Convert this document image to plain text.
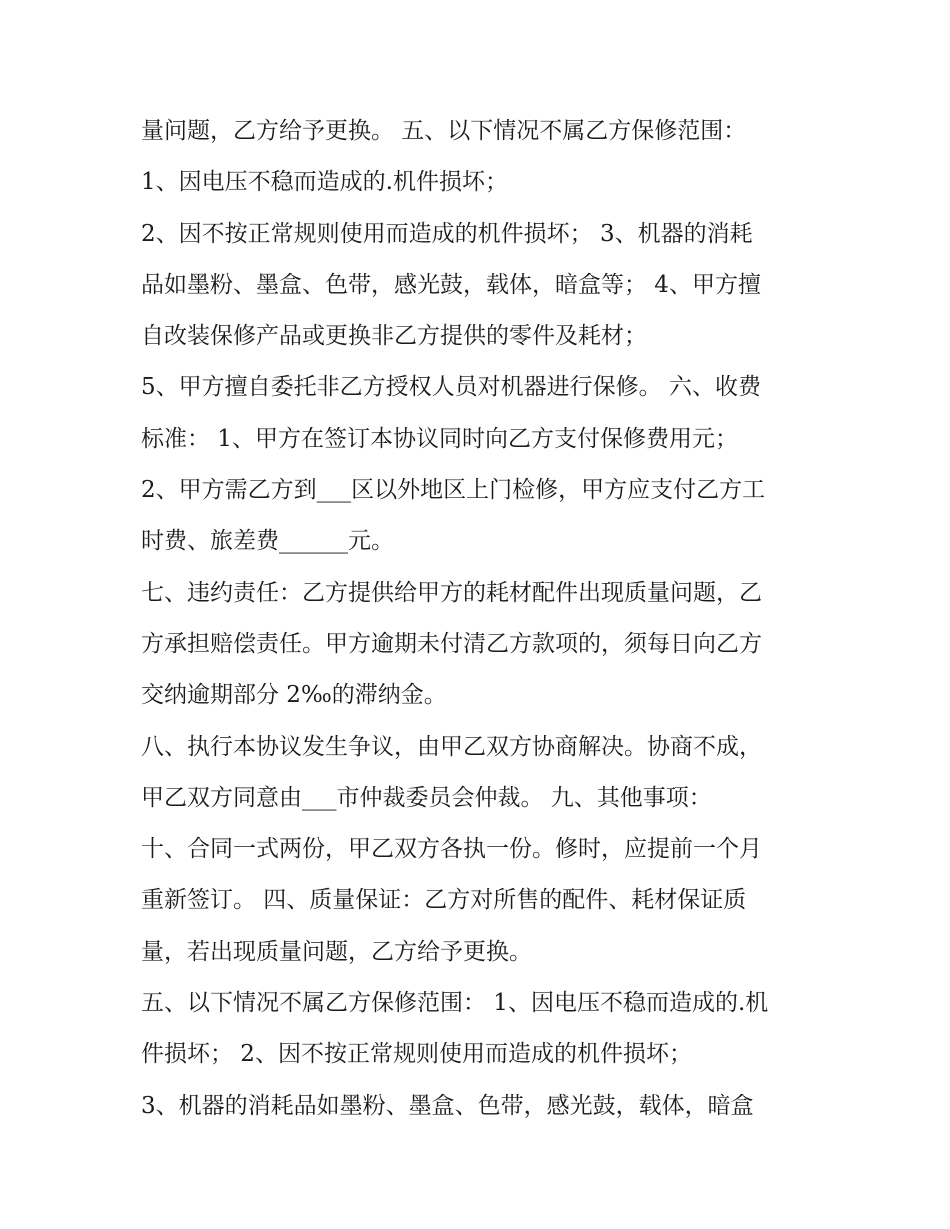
量问题，乙方给予更换。 五、以下情况不属乙方保修范围：
1、因电压不稳而造成的.机件损坏；
2、因不按正常规则使用而造成的机件损坏； 3、机器的消耗
品如墨粉、墨盒、色带，感光鼓，载体，暗盒等； 4、甲方擅
自改装保修产品或更换非乙方提供的零件及耗材；
5、甲方擅自委托非乙方授权人员对机器进行保修。 六、收费
标准： 1、甲方在签订本协议同时向乙方支付保修费用元；
2、甲方需乙方到___区以外地区上门检修，甲方应支付乙方工
时费、旅差费______元。
七、违约责任：乙方提供给甲方的耗材配件出现质量问题，乙
方承担赔偿责任。甲方逾期未付清乙方款项的，须每日向乙方
交纳逾期部分 2‰的滞纳金。
八、执行本协议发生争议，由甲乙双方协商解决。协商不成，
甲乙双方同意由___市仲裁委员会仲裁。 九、其他事项：
十、合同一式两份，甲乙双方各执一份。修时，应提前一个月
重新签订。 四、质量保证：乙方对所售的配件、耗材保证质
量，若出现质量问题，乙方给予更换。
五、以下情况不属乙方保修范围： 1、因电压不稳而造成的.机
件损坏； 2、因不按正常规则使用而造成的机件损坏；
3、机器的消耗品如墨粉、墨盒、色带，感光鼓，载体，暗盒
